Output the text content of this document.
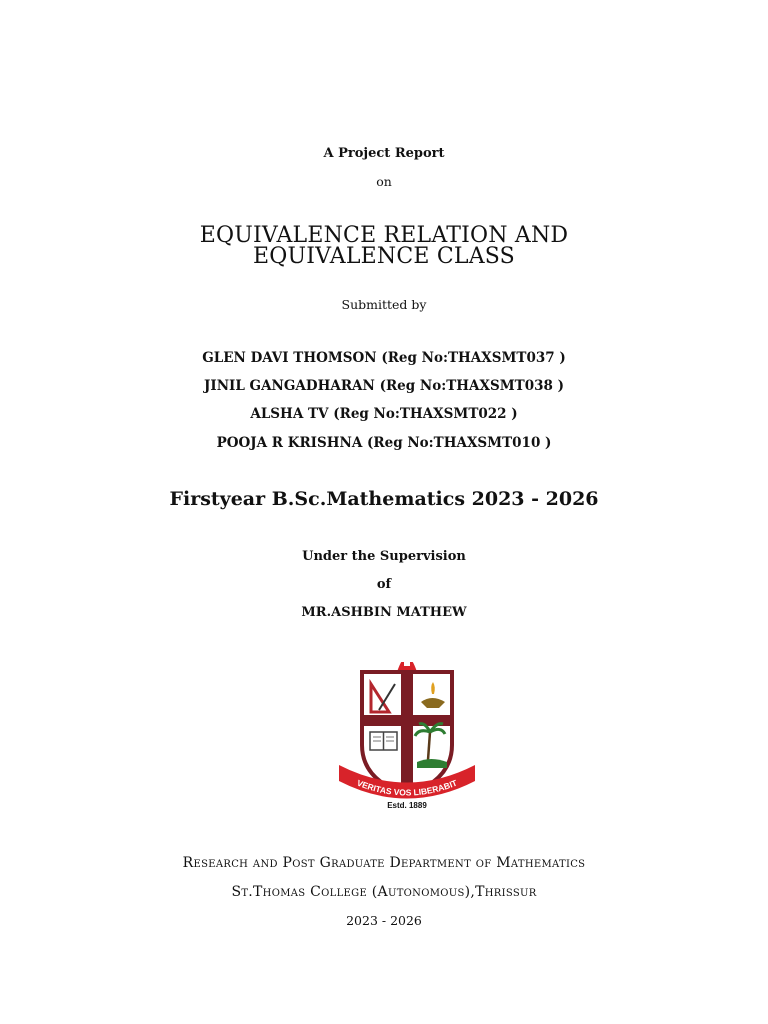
A Project Report
on
EQUIVALENCE RELATION AND
EQUIVALENCE CLASS
Submitted by
GLEN DAVI THOMSON (Reg No:THAXSMT037 )
JINIL GANGADHARAN (Reg No:THAXSMT038 )
ALSHA TV (Reg No:THAXSMT022 )
POOJA R KRISHNA (Reg No:THAXSMT010 )
Firstyear B.Sc.Mathematics 2023 - 2026
Under the Supervision
of
MR.ASHBIN MATHEW
VERITAS VOS LIBERABIT
Estd. 1889
Research and Post Graduate Department of Mathematics
St.Thomas College (Autonomous),Thrissur
2023 - 2026
